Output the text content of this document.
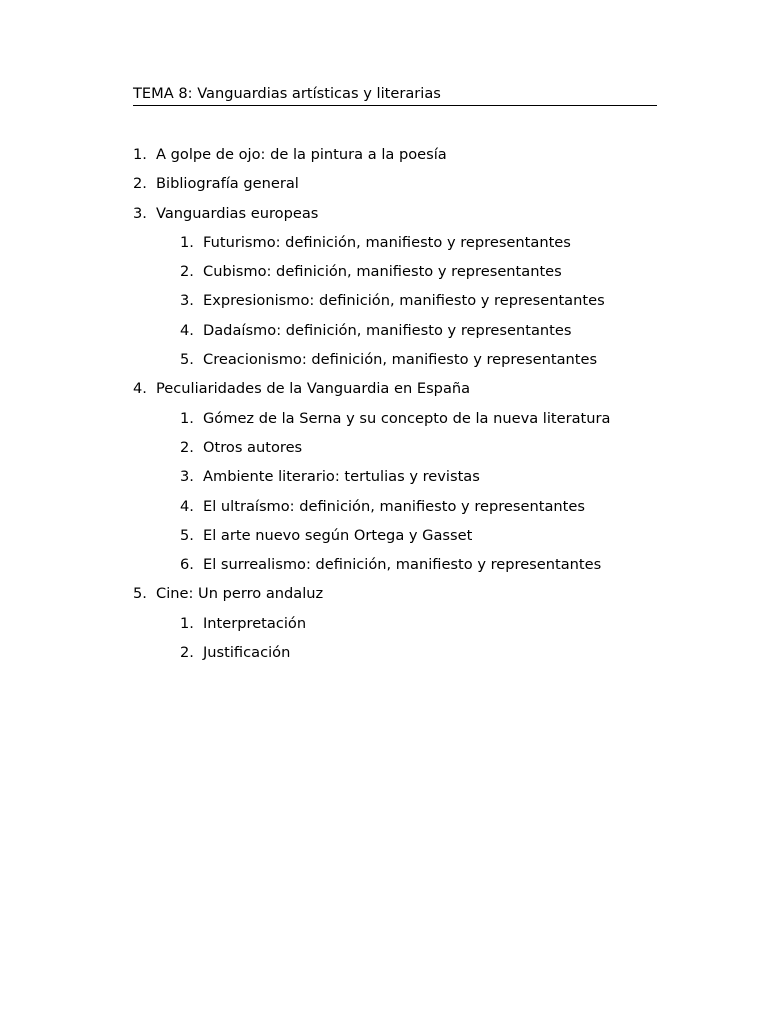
TEMA 8: Vanguardias artísticas y literarias
1. A golpe de ojo: de la pintura a la poesía
2. Bibliografía general
3. Vanguardias europeas
1. Futurismo: definición, manifiesto y representantes
2. Cubismo: definición, manifiesto y representantes
3. Expresionismo: definición, manifiesto y representantes
4. Dadaísmo: definición, manifiesto y representantes
5. Creacionismo: definición, manifiesto y representantes
4. Peculiaridades de la Vanguardia en España
1. Gómez de la Serna y su concepto de la nueva literatura
2. Otros autores
3. Ambiente literario: tertulias y revistas
4. El ultraísmo: definición, manifiesto y representantes
5. El arte nuevo según Ortega y Gasset
6. El surrealismo: definición, manifiesto y representantes
5. Cine: Un perro andaluz
1. Interpretación
2. Justificación
